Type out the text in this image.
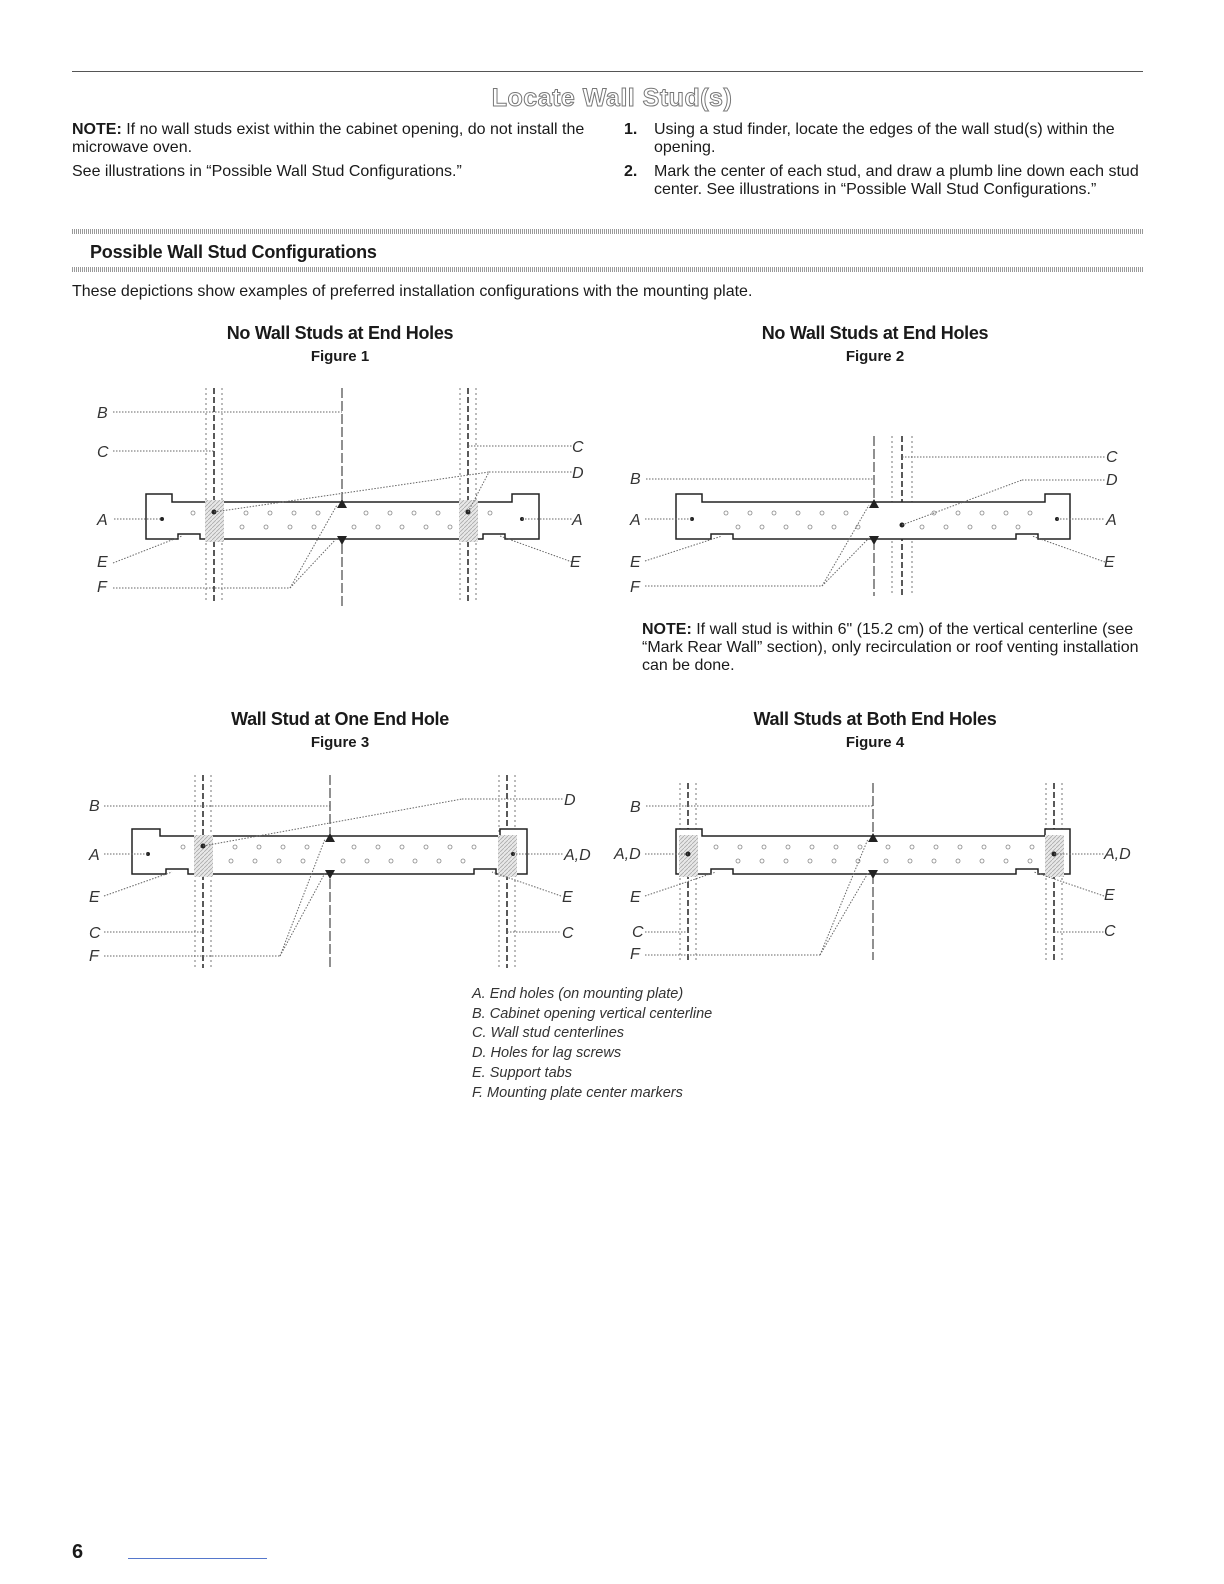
Locate Wall Stud(s)

NOTE: If no wall studs exist within the cabinet opening, do not install the microwave oven.

See illustrations in “Possible Wall Stud Configurations.”

1.	Using a stud finder, locate the edges of the wall stud(s) within the opening.
2.	Mark the center of each stud, and draw a plumb line down each stud center. See illustrations in “Possible Wall Stud Configurations.”
Possible Wall Stud Configurations
These depictions show examples of preferred installation configurations with the mounting plate.
No Wall Studs at End Holes
Figure 1
No Wall Studs at End Holes
Figure 2
Wall Stud at One End Hole
Figure 3
Wall Studs at Both End Holes
Figure 4
B
C
A
E
F
C
D
A
E
B
A
E
F
C
D
A
E
B
A
E
C
F
D
A,D
E
C
B
A,D
E
C
F
A,D
E
C
NOTE: If wall stud is within 6" (15.2 cm) of the vertical centerline (see “Mark Rear Wall” section), only recirculation or roof venting installation can be done.
A. End holes (on mounting plate)
B. Cabinet opening vertical centerline
C. Wall stud centerlines
D. Holes for lag screws
E. Support tabs
F. Mounting plate center markers
6
